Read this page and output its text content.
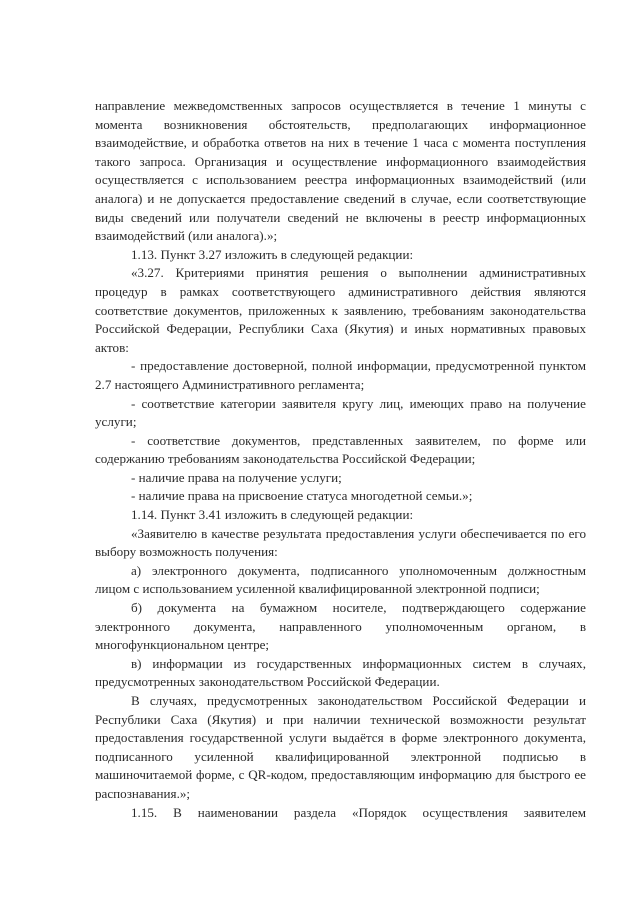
направление межведомственных запросов осуществляется в течение 1 минуты с момента возникновения обстоятельств, предполагающих информационное взаимодействие, и обработка ответов на них в течение 1 часа с момента поступления такого запроса. Организация и осуществление информационного взаимодействия осуществляется с использованием реестра информационных взаимодействий (или аналога) и не допускается предоставление сведений в случае, если соответствующие виды сведений или получатели сведений не включены в реестр информационных взаимодействий (или аналога).»;

1.13. Пункт 3.27 изложить в следующей редакции:

«3.27. Критериями принятия решения о выполнении административных процедур в рамках соответствующего административного действия являются соответствие документов, приложенных к заявлению, требованиям законодательства Российской Федерации, Республики Саха (Якутия) и иных нормативных правовых актов:

- предоставление достоверной, полной информации, предусмотренной пунктом 2.7 настоящего Административного регламента;

- соответствие категории заявителя кругу лиц, имеющих право на получение услуги;

- соответствие документов, представленных заявителем, по форме или содержанию требованиям законодательства Российской Федерации;

- наличие права на получение услуги;

- наличие права на присвоение статуса многодетной семьи.»;

1.14. Пункт 3.41 изложить в следующей редакции:

«Заявителю в качестве результата предоставления услуги обеспечивается по его выбору возможность получения:

а) электронного документа, подписанного уполномоченным должностным лицом с использованием усиленной квалифицированной электронной подписи;

б) документа на бумажном носителе, подтверждающего содержание электронного документа, направленного уполномоченным органом, в многофункциональном центре;

в) информации из государственных информационных систем в случаях, предусмотренных законодательством Российской Федерации.

В случаях, предусмотренных законодательством Российской Федерации и Республики Саха (Якутия) и при наличии технической возможности результат предоставления государственной услуги выдаётся в форме электронного документа, подписанного усиленной квалифицированной электронной подписью в машиночитаемой форме, с QR-кодом, предоставляющим информацию для быстрого ее распознавания.»;

1.15. В наименовании раздела «Порядок осуществления заявителем
